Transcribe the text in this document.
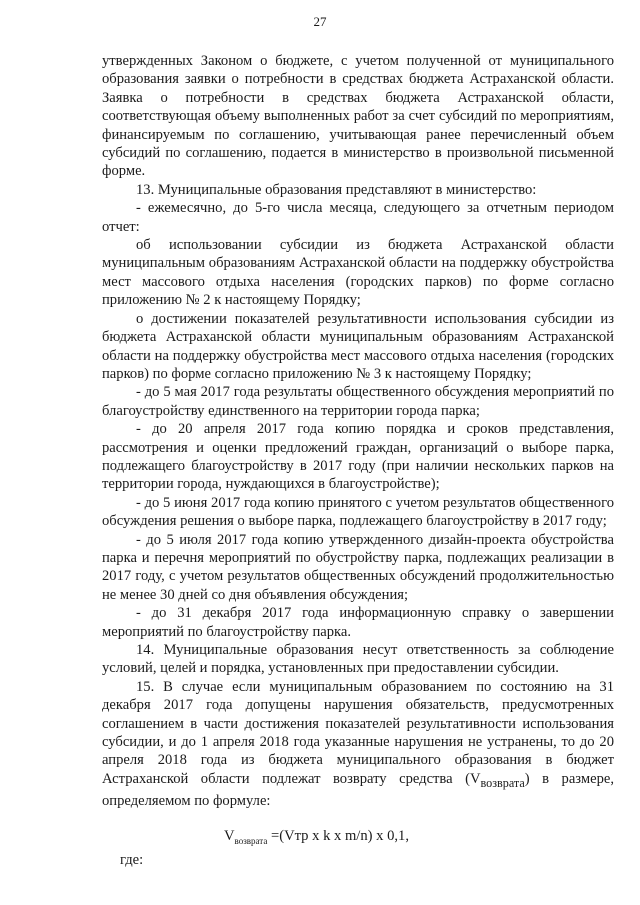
27

утвержденных Законом о бюджете, с учетом полученной от муниципального образования заявки о потребности в средствах бюджета Астраханской области. Заявка о потребности в средствах бюджета Астраханской области, соответствующая объему выполненных работ за счет субсидий по мероприятиям, финансируемым по соглашению, учитывающая ранее перечисленный объем субсидий по соглашению, подается в министерство в произвольной письменной форме.

13. Муниципальные образования представляют в министерство:

- ежемесячно, до 5-го числа месяца, следующего за отчетным периодом отчет:

об использовании субсидии из бюджета Астраханской области муниципальным образованиям Астраханской области на поддержку обустройства мест массового отдыха населения (городских парков) по форме согласно приложению № 2 к настоящему Порядку;

о достижении показателей результативности использования субсидии из бюджета Астраханской области муниципальным образованиям Астраханской области на поддержку обустройства мест массового отдыха населения (городских парков) по форме согласно приложению № 3 к настоящему Порядку;

- до 5 мая 2017 года результаты общественного обсуждения мероприятий по благоустройству единственного на территории города парка;

- до 20 апреля 2017 года копию порядка и сроков представления, рассмотрения и оценки предложений граждан, организаций о выборе парка, подлежащего благоустройству в 2017 году (при наличии нескольких парков на территории города, нуждающихся в благоустройстве);

- до 5 июня 2017 года копию принятого с учетом результатов общественного обсуждения решения о выборе парка, подлежащего благоустройству в 2017 году;

- до 5 июля 2017 года копию утвержденного дизайн-проекта обустройства парка и перечня мероприятий по обустройству парка, подлежащих реализации в 2017 году, с учетом результатов общественных обсуждений продолжительностью не менее 30 дней со дня объявления обсуждения;

- до 31 декабря 2017 года информационную справку о завершении мероприятий по благоустройству парка.

14. Муниципальные образования несут ответственность за соблюдение условий, целей и порядка, установленных при предоставлении субсидии.

15. В случае если муниципальным образованием по состоянию на 31 декабря 2017 года допущены нарушения обязательств, предусмотренных соглашением в части достижения показателей результативности использования субсидии, и до 1 апреля 2018 года указанные нарушения не устранены, то до 20 апреля 2018 года из бюджета муниципального образования в бюджет Астраханской области подлежат возврату средства $(V_{возврата})$ в размере, определяемом по формуле:

$V_{возврата} =(Vтр$ x k x m/n) x 0,1,

где:
